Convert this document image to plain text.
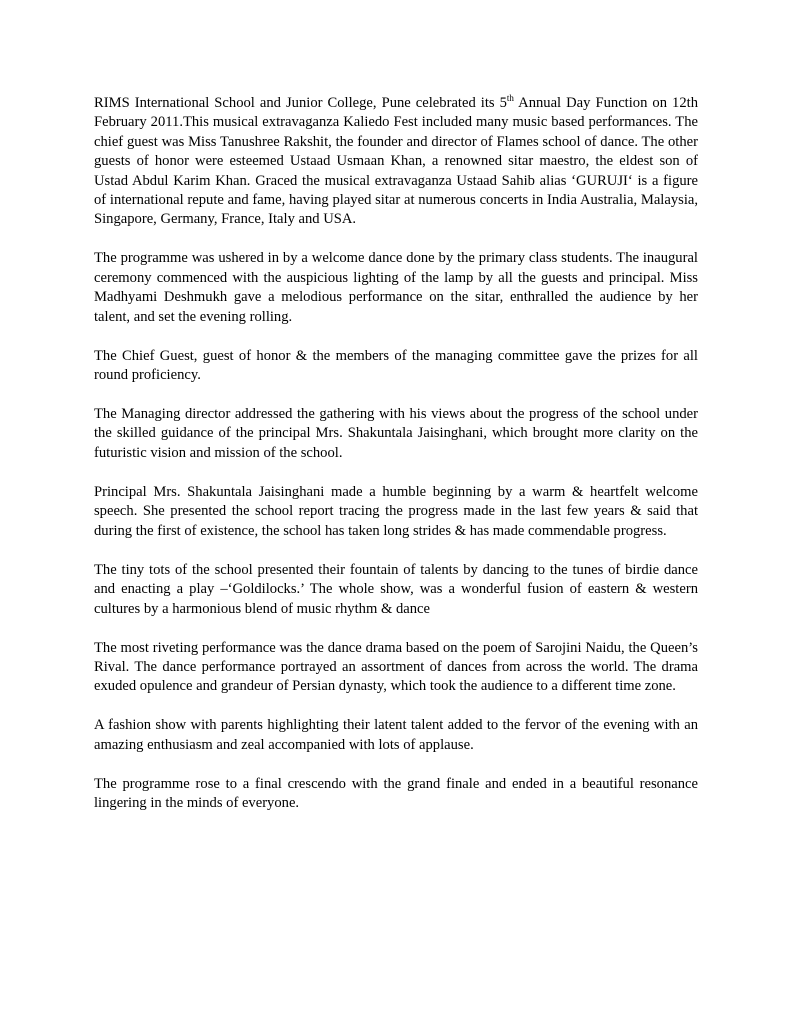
RIMS International School and Junior College, Pune celebrated its 5th Annual Day Function on 12th February 2011.This musical extravaganza Kaliedo Fest included many music based performances. The chief guest was Miss Tanushree Rakshit, the founder and director of Flames school of dance. The other guests of honor were esteemed Ustaad Usmaan Khan, a renowned sitar maestro, the eldest son of Ustad Abdul Karim Khan. Graced the musical extravaganza Ustaad Sahib alias ‘GURUJI‘ is a figure of international repute and fame, having played sitar at numerous concerts in India Australia, Malaysia, Singapore, Germany, France, Italy and USA.

The programme was ushered in by a welcome dance done by the primary class students. The inaugural ceremony commenced with the auspicious lighting of the lamp by all the guests and principal. Miss Madhyami Deshmukh gave a melodious performance on the sitar, enthralled the audience by her talent, and set the evening rolling.

The Chief Guest, guest of honor & the members of the managing committee gave the prizes for all round proficiency.

The Managing director addressed the gathering with his views about the progress of the school under the skilled guidance of the principal Mrs. Shakuntala Jaisinghani, which brought more clarity on the futuristic vision and mission of the school.

Principal Mrs. Shakuntala Jaisinghani made a humble beginning by a warm & heartfelt welcome speech. She presented the school report tracing the progress made in the last few years & said that during the first of existence, the school has taken long strides & has made commendable progress.

The tiny tots of the school presented their fountain of talents by dancing to the tunes of birdie dance and enacting a play –‘Goldilocks.’ The whole show, was a wonderful fusion of eastern & western cultures by a harmonious blend of music rhythm & dance

The most riveting performance was the dance drama based on the poem of Sarojini Naidu, the Queen’s Rival. The dance performance portrayed an assortment of dances from across the world. The drama exuded opulence and grandeur of Persian dynasty, which took the audience to a different time zone.

A fashion show with parents highlighting their latent talent added to the fervor of the evening with an amazing enthusiasm and zeal accompanied with lots of applause.

The programme rose to a final crescendo with the grand finale and ended in a beautiful resonance lingering in the minds of everyone.
